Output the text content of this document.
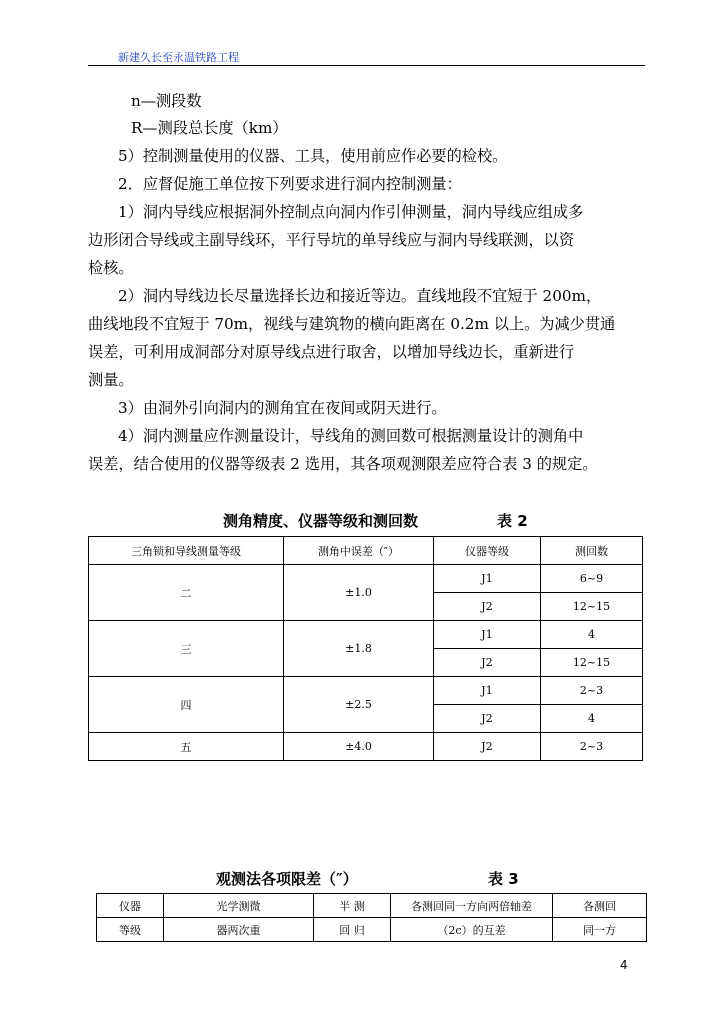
新建久长至永温铁路工程
n—测段数
R—测段总长度（km）
5）控制测量使用的仪器、工具，使用前应作必要的检校。
2．应督促施工单位按下列要求进行洞内控制测量：
1）洞内导线应根据洞外控制点向洞内作引伸测量，洞内导线应组成多
边形闭合导线或主副导线环，平行导坑的单导线应与洞内导线联测，以资
检核。
2）洞内导线边长尽量选择长边和接近等边。直线地段不宜短于 200m，
曲线地段不宜短于 70m，视线与建筑物的横向距离在 0.2m 以上。为减少贯通
误差，可利用成洞部分对原导线点进行取舍，以增加导线边长，重新进行
测量。
3）由洞外引向洞内的测角宜在夜间或阴天进行。
4）洞内测量应作测量设计，导线角的测回数可根据测量设计的测角中
误差，结合使用的仪器等级表 2 选用，其各项观测限差应符合表 3 的规定。
测角精度、仪器等级和测回数	表 2
三角锁和导线测量等级	测角中误差（″）	仪器等级	测回数
二	±1.0	J1	6~9
		J2	12~15
三	±1.8	J1	4
		J2	12~15
四	±2.5	J1	2~3
		J2	4
五	±4.0	J2	2~3
观测法各项限差（″）	表 3
仪器	光学测微	半 测	各测回同一方向两倍轴差	各测回
等级	器两次重	回 归	（2c）的互差	同一方
4
